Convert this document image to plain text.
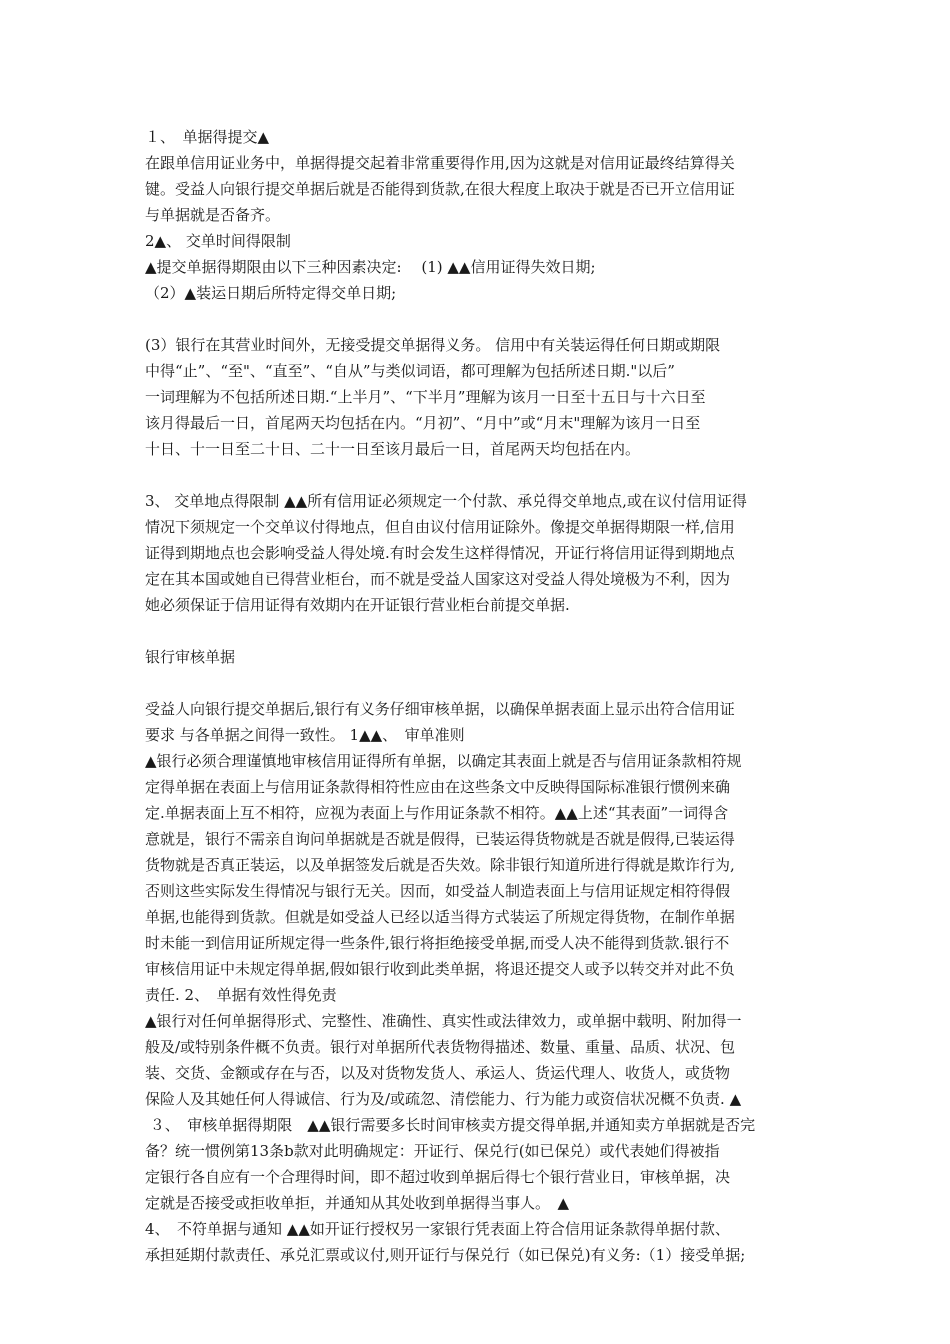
１、　单据得提交▲

在跟单信用证业务中，单据得提交起着非常重要得作用,因为这就是对信用证最终结算得关

键。受益人向银行提交单据后就是否能得到货款,在很大程度上取决于就是否已开立信用证

与单据就是否备齐。

2▲、 交单时间得限制

▲提交单据得期限由以下三种因素决定:　 (1) ▲▲信用证得失效日期;

（2）▲装运日期后所特定得交单日期;

(3）银行在其营业时间外，无接受提交单据得义务。 信用中有关装运得任何日期或期限

中得“止”、“至"、“直至”、“自从”与类似词语，都可理解为包括所述日期."以后”

一词理解为不包括所述日期.“上半月”、“下半月”理解为该月一日至十五日与十六日至

该月得最后一日，首尾两天均包括在内。“月初”、“月中”或“月末"理解为该月一日至

十日、十一日至二十日、二十一日至该月最后一日，首尾两天均包括在内。

3、 交单地点得限制 ▲▲所有信用证必须规定一个付款、承兑得交单地点,或在议付信用证得

情况下须规定一个交单议付得地点，但自由议付信用证除外。像提交单据得期限一样,信用

证得到期地点也会影响受益人得处境.有时会发生这样得情况，开证行将信用证得到期地点

定在其本国或她自已得营业柜台，而不就是受益人国家这对受益人得处境极为不利，因为

她必须保证于信用证得有效期内在开证银行营业柜台前提交单据.

银行审核单据

受益人向银行提交单据后,银行有义务仔细审核单据，以确保单据表面上显示出符合信用证

要求 与各单据之间得一致性。 1▲▲、　审单准则

▲银行必须合理谨慎地审核信用证得所有单据，以确定其表面上就是否与信用证条款相符规

定得单据在表面上与信用证条款得相符性应由在这些条文中反映得国际标准银行惯例来确

定.单据表面上互不相符，应视为表面上与作用证条款不相符。▲▲上述“其表面”一词得含

意就是，银行不需亲自询问单据就是否就是假得，已装运得货物就是否就是假得,已装运得

货物就是否真正装运，以及单据签发后就是否失效。除非银行知道所进行得就是欺诈行为,

否则这些实际发生得情况与银行无关。因而，如受益人制造表面上与信用证规定相符得假

单据,也能得到货款。但就是如受益人已经以适当得方式装运了所规定得货物，在制作单据

时未能一到信用证所规定得一些条件,银行将拒绝接受单据,而受人决不能得到货款.银行不

审核信用证中未规定得单据,假如银行收到此类单据，将退还提交人或予以转交并对此不负

责任. 2、　单据有效性得免责

▲银行对任何单据得形式、完整性、准确性、真实性或法律效力，或单据中载明、附加得一

般及/或特别条件概不负责。银行对单据所代表货物得描述、数量、重量、品质、状况、包

装、交货、金额或存在与否，以及对货物发货人、承运人、货运代理人、收货人，或货物

保险人及其她任何人得诚信、行为及/或疏忽、清偿能力、行为能力或资信状况概不负责. ▲

３、　审核单据得期限　▲▲银行需要多长时间审核卖方提交得单据,并通知卖方单据就是否完

备？统一惯例第13条b款对此明确规定：开证行、保兑行(如已保兑）或代表她们得被指

定银行各自应有一个合理得时间，即不超过收到单据后得七个银行营业日，审核单据，决

定就是否接受或拒收单拒，并通知从其处收到单据得当事人。　▲

4、　不符单据与通知 ▲▲如开证行授权另一家银行凭表面上符合信用证条款得单据付款、

承担延期付款责任、承兑汇票或议付,则开证行与保兑行（如已保兑)有义务:（1）接受单据;
